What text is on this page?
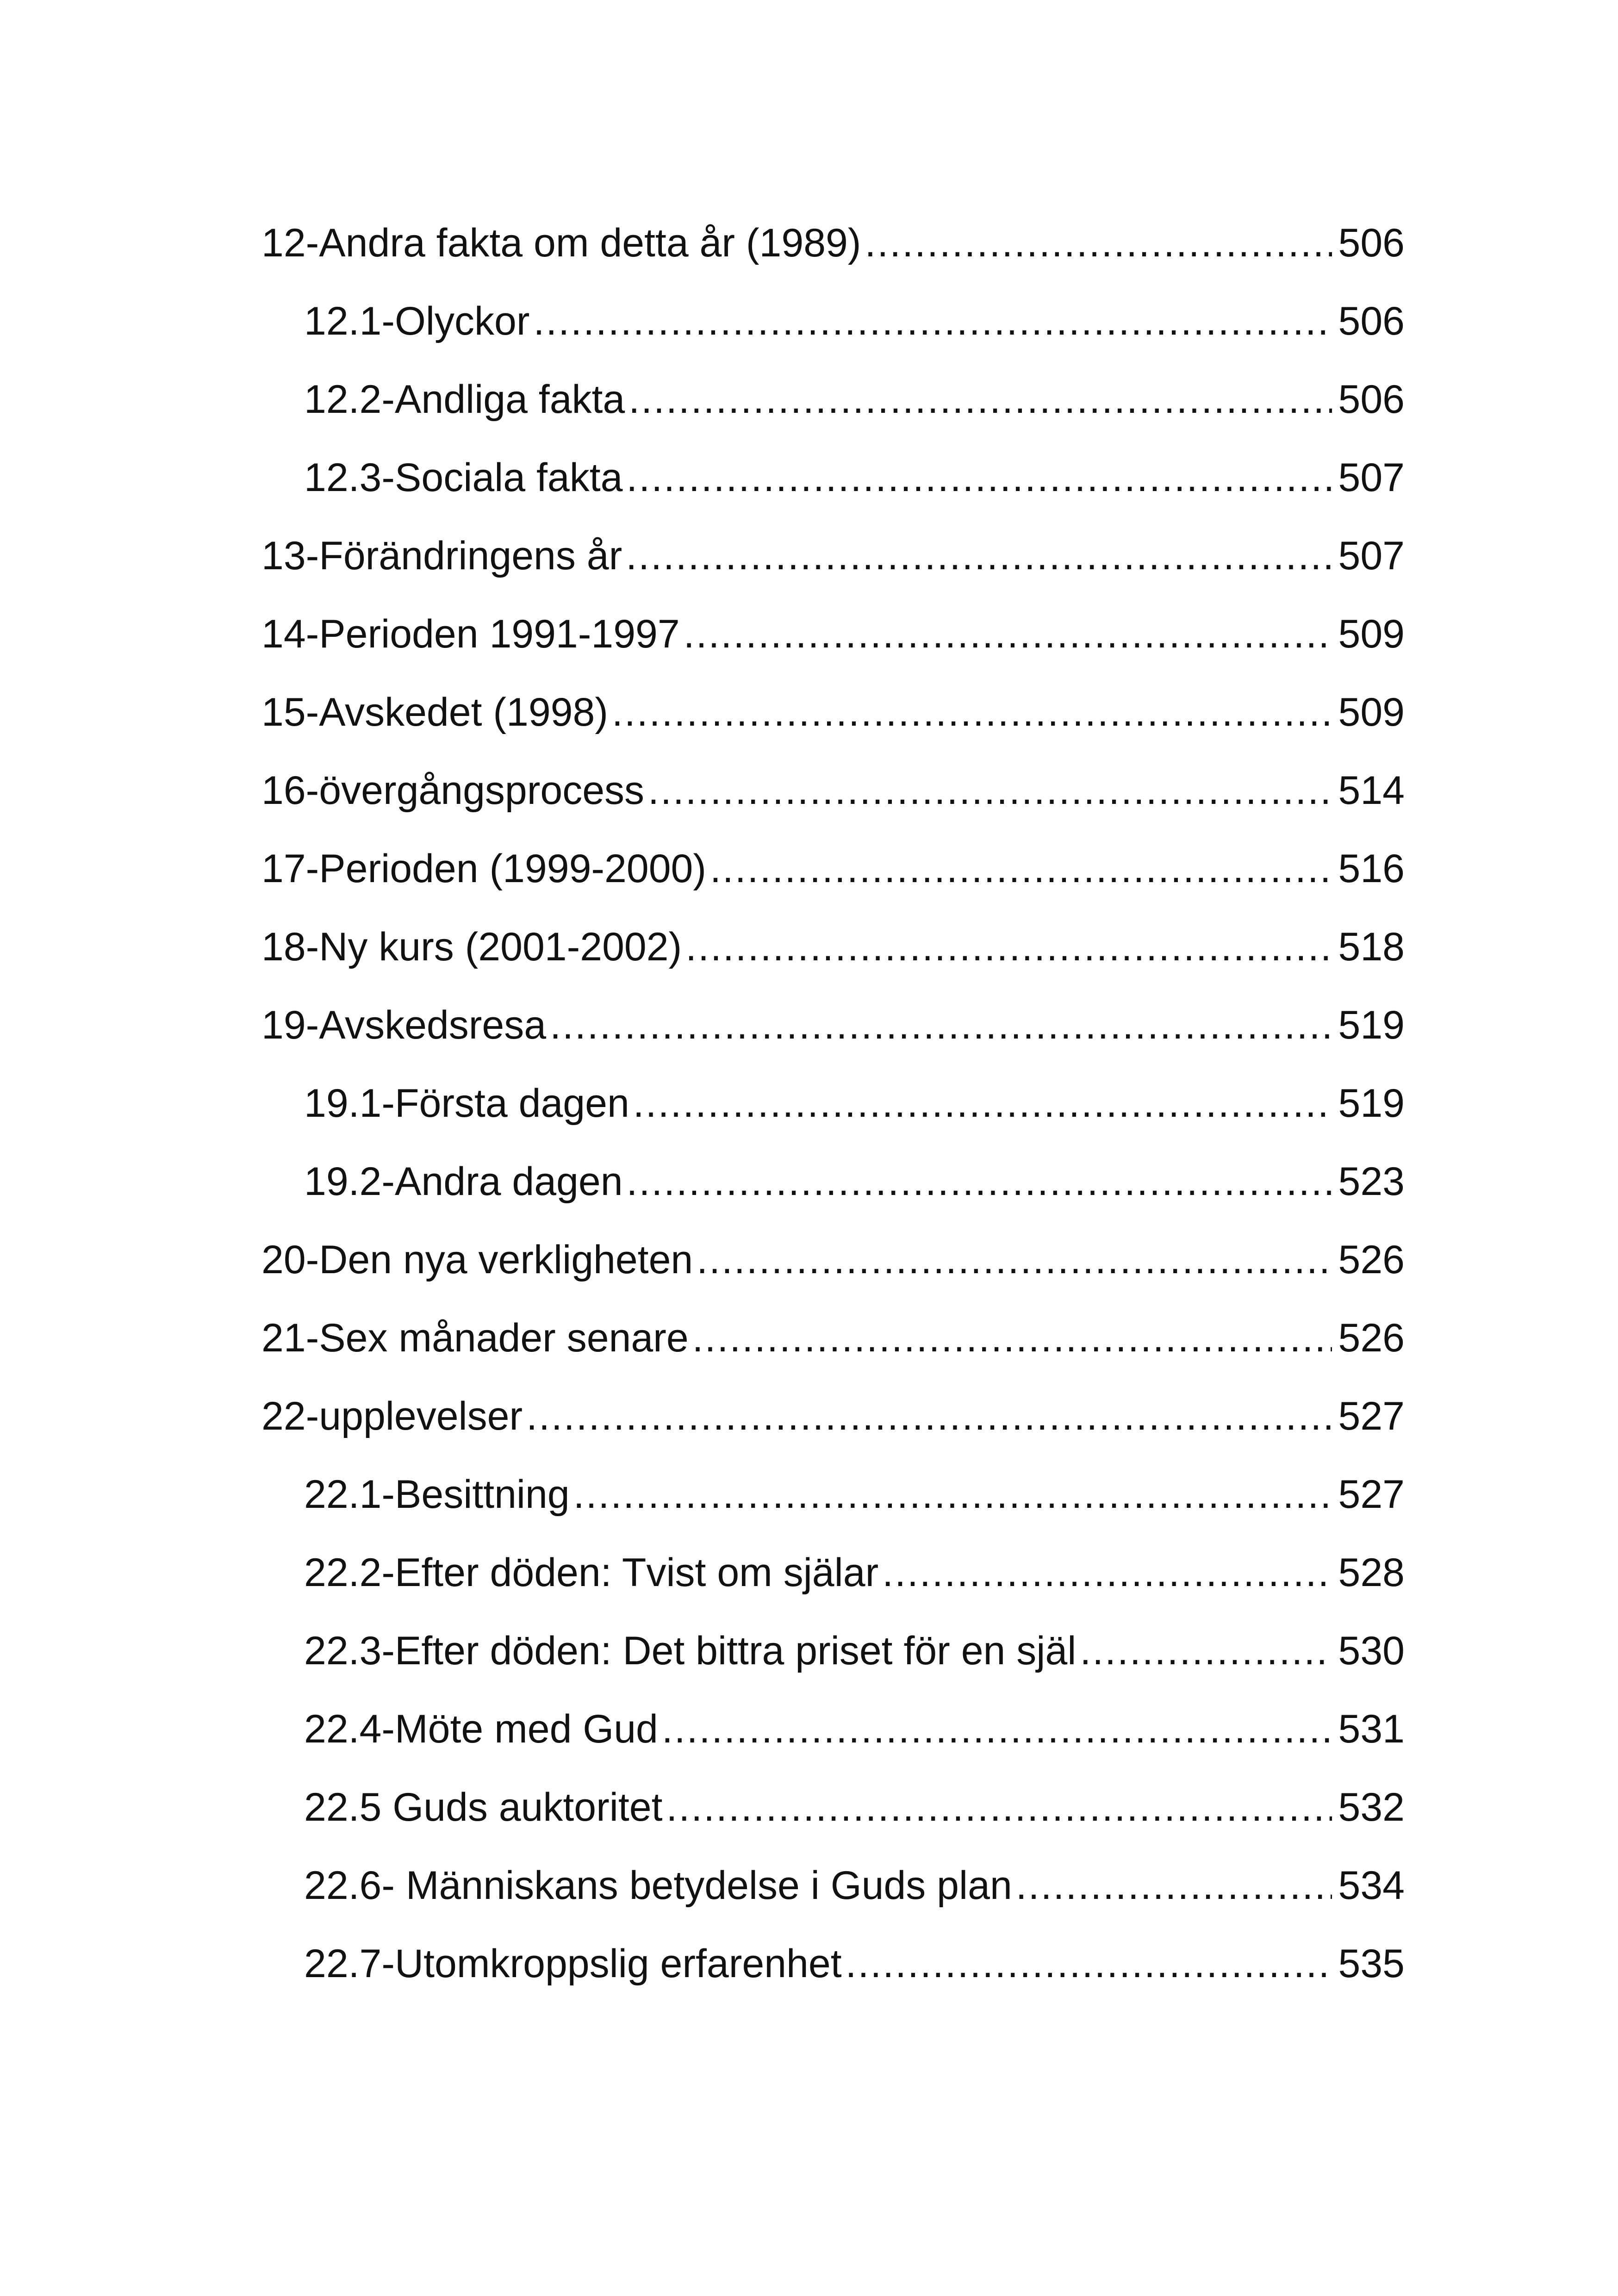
12-Andra fakta om detta år (1989) .....	506
12.1-Olyckor .....	506
12.2-Andliga fakta .....	506
12.3-Sociala fakta .....	507
13-Förändringens år .....	507
14-Perioden 1991-1997 .....	509
15-Avskedet (1998) .....	509
16-övergångsprocess .....	514
17-Perioden (1999-2000) .....	516
18-Ny kurs (2001-2002) .....	518
19-Avskedsresa .....	519
19.1-Första dagen .....	519
19.2-Andra dagen .....	523
20-Den nya verkligheten .....	526
21-Sex månader senare .....	526
22-upplevelser .....	527
22.1-Besittning .....	527
22.2-Efter döden: Tvist om själar .....	528
22.3-Efter döden: Det bittra priset för en själ .....	530
22.4-Möte med Gud .....	531
22.5 Guds auktoritet .....	532
22.6- Människans betydelse i Guds plan .....	534
22.7-Utomkroppslig erfarenhet .....	535
